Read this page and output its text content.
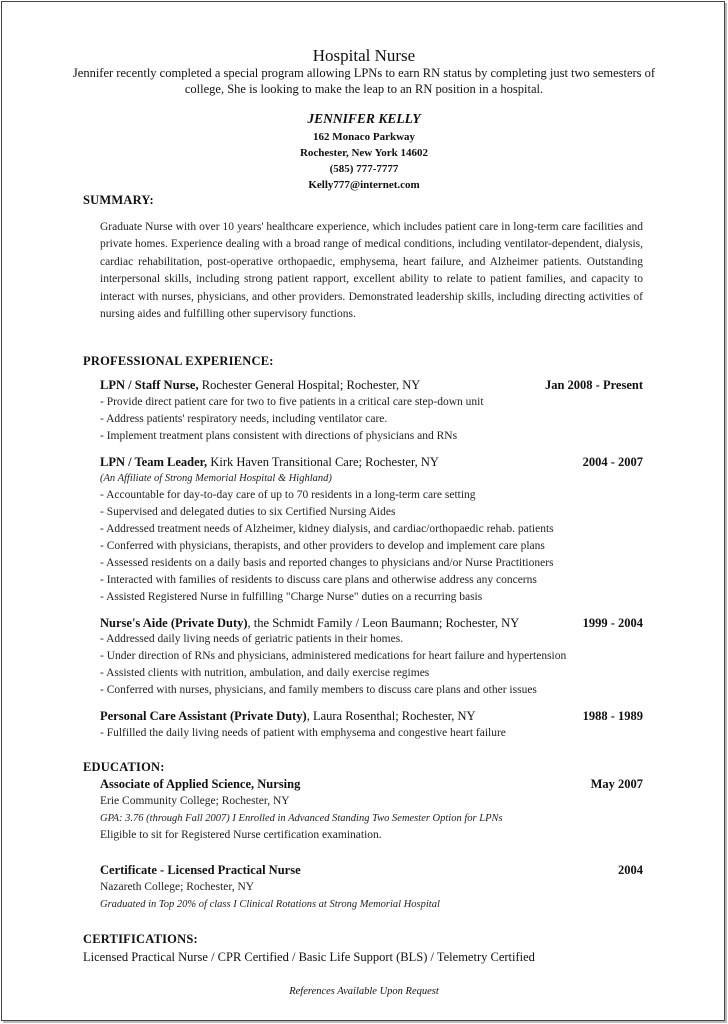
Hospital Nurse
Jennifer recently completed a special program allowing LPNs to earn RN status by completing just two semesters of college, She is looking to make the leap to an RN position in a hospital.
JENNIFER KELLY
162 Monaco Parkway
Rochester, New York 14602
(585) 777-7777
Kelly777@internet.com
SUMMARY:
Graduate Nurse with over 10 years' healthcare experience, which includes patient care in long-term care facilities and private homes. Experience dealing with a broad range of medical conditions, including ventilator-dependent, dialysis, cardiac rehabilitation, post-operative orthopaedic, emphysema, heart failure, and Alzheimer patients. Outstanding interpersonal skills, including strong patient rapport, excellent ability to relate to patient families, and capacity to interact with nurses, physicians, and other providers. Demonstrated leadership skills, including directing activities of nursing aides and fulfilling other supervisory functions.
PROFESSIONAL EXPERIENCE:
LPN / Staff Nurse, Rochester General Hospital; Rochester, NY	Jan 2008 - Present
- Provide direct patient care for two to five patients in a critical care step-down unit
- Address patients' respiratory needs, including ventilator care.
- Implement treatment plans consistent with directions of physicians and RNs
LPN / Team Leader, Kirk Haven Transitional Care; Rochester, NY	2004 - 2007
(An Affiliate of Strong Memorial Hospital & Highland)
- Accountable for day-to-day care of up to 70 residents in a long-term care setting
- Supervised and delegated duties to six Certified Nursing Aides
- Addressed treatment needs of Alzheimer, kidney dialysis, and cardiac/orthopaedic rehab. patients
- Conferred with physicians, therapists, and other providers to develop and implement care plans
- Assessed residents on a daily basis and reported changes to physicians and/or Nurse Practitioners
- Interacted with families of residents to discuss care plans and otherwise address any concerns
- Assisted Registered Nurse in fulfilling "Charge Nurse" duties on a recurring basis
Nurse's Aide (Private Duty), the Schmidt Family / Leon Baumann; Rochester, NY	1999 - 2004
- Addressed daily living needs of geriatric patients in their homes.
- Under direction of RNs and physicians, administered medications for heart failure and hypertension
- Assisted clients with nutrition, ambulation, and daily exercise regimes
- Conferred with nurses, physicians, and family members to discuss care plans and other issues
Personal Care Assistant (Private Duty), Laura Rosenthal; Rochester, NY	1988 - 1989
- Fulfilled the daily living needs of patient with emphysema and congestive heart failure
EDUCATION:
Associate of Applied Science, Nursing	May 2007
Erie Community College; Rochester, NY
GPA: 3.76 (through Fall 2007) I Enrolled in Advanced Standing Two Semester Option for LPNs
Eligible to sit for Registered Nurse certification examination.
Certificate - Licensed Practical Nurse	2004
Nazareth College; Rochester, NY
Graduated in Top 20% of class I Clinical Rotations at Strong Memorial Hospital
CERTIFICATIONS:
Licensed Practical Nurse / CPR Certified / Basic Life Support (BLS) / Telemetry Certified
References Available Upon Request
